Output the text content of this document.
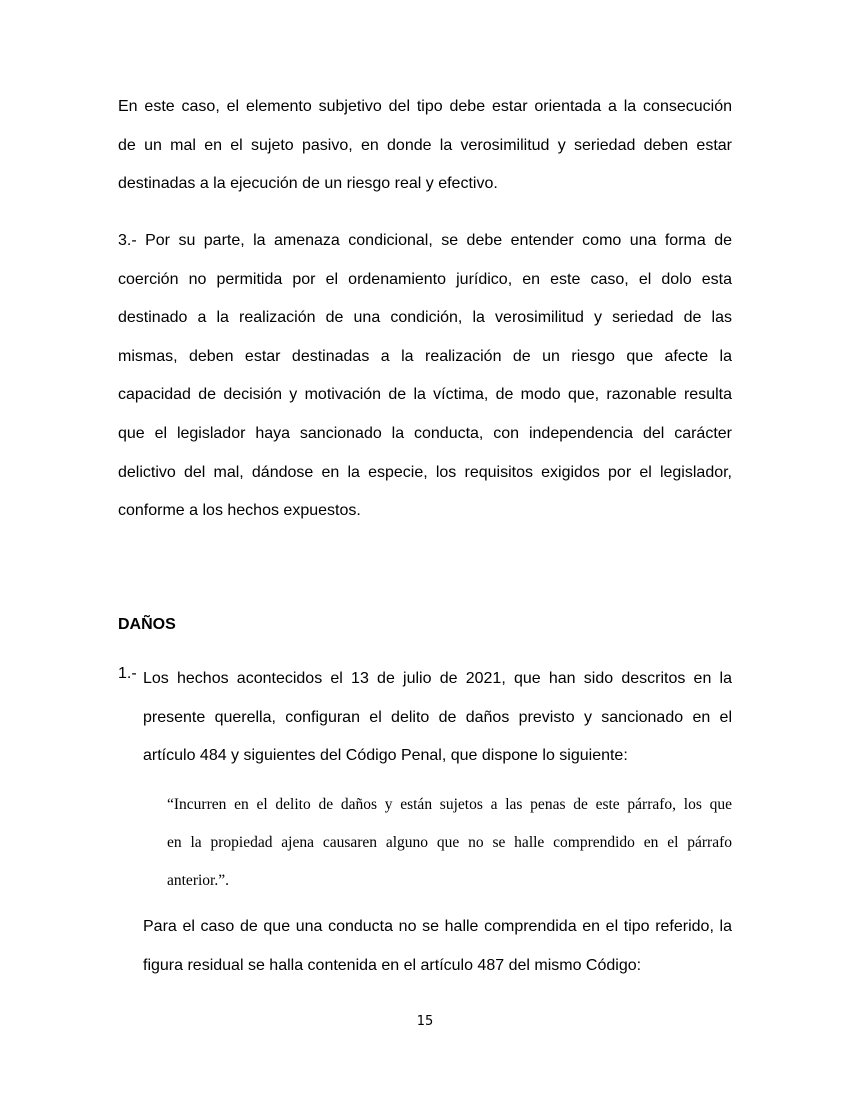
En este caso, el elemento subjetivo del tipo debe estar orientada a la consecución
de un mal en el sujeto pasivo, en donde la verosimilitud y seriedad deben estar
destinadas a la ejecución de un riesgo real y efectivo.
3.- Por su parte, la amenaza condicional, se debe entender como una forma de
coerción no permitida por el ordenamiento jurídico, en este caso, el dolo esta
destinado a la realización de una condición, la verosimilitud y seriedad de las
mismas, deben estar destinadas a la realización de un riesgo que afecte la
capacidad de decisión y motivación de la víctima, de modo que, razonable resulta
que el legislador haya sancionado la conducta, con independencia del carácter
delictivo del mal, dándose en la especie, los requisitos exigidos por el legislador,
conforme a los hechos expuestos.

DAÑOS

1.- Los hechos acontecidos el 13 de julio de 2021, que han sido descritos en la
presente querella, configuran el delito de daños previsto y sancionado en el
artículo 484 y siguientes del Código Penal, que dispone lo siguiente:
“Incurren en el delito de daños y están sujetos a las penas de este párrafo, los que
en la propiedad ajena causaren alguno que no se halle comprendido en el párrafo
anterior.”.
Para el caso de que una conducta no se halle comprendida en el tipo referido, la
figura residual se halla contenida en el artículo 487 del mismo Código:
15
